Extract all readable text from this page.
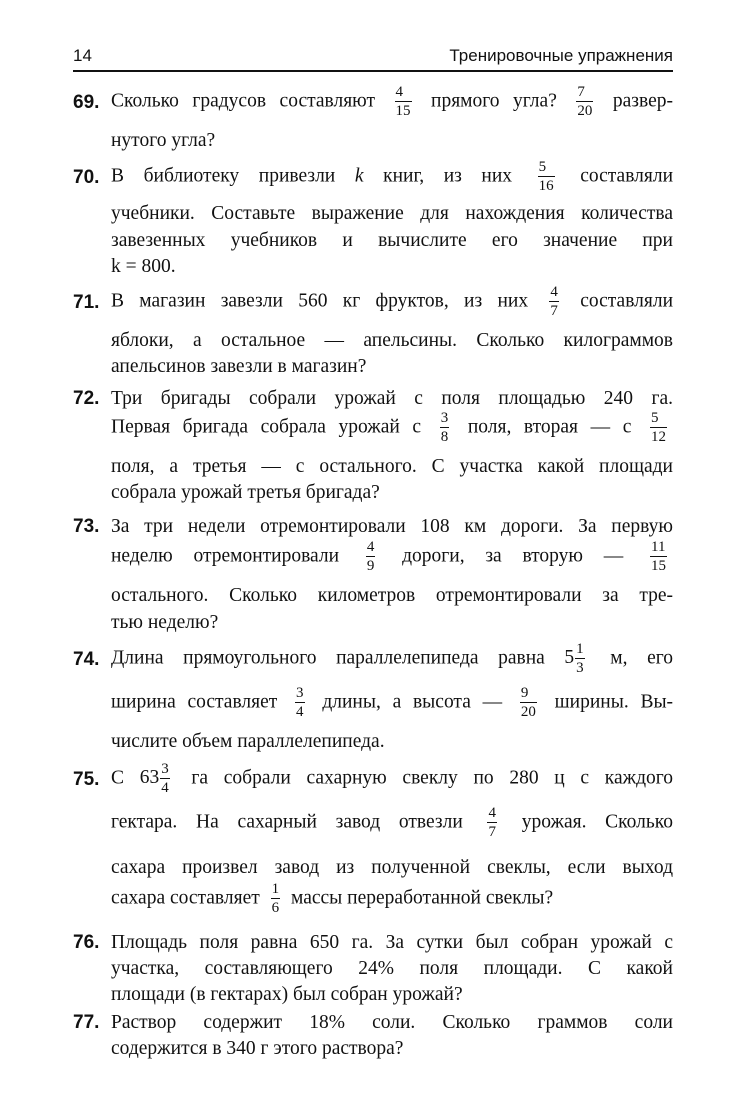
14	Тренировочные упражнения
69. Сколько градусов составляют $\frac{4}{15}$ прямого угла? $\frac{7}{20}$ развер-
нутого угла?
70. В библиотеку привезли k книг, из них $\frac{5}{16}$ составляли
учебники. Составьте выражение для нахождения количества
завезенных учебников и вычислите его значение при
k = 800.
71. В магазин завезли 560 кг фруктов, из них $\frac{4}{7}$ составляли
яблоки, а остальное — апельсины. Сколько килограммов
апельсинов завезли в магазин?
72. Три бригады собрали урожай с поля площадью 240 га.
Первая бригада собрала урожай с $\frac{3}{8}$ поля, вторая — с $\frac{5}{12}$
поля, а третья — с остального. С участка какой площади
собрала урожай третья бригада?
73. За три недели отремонтировали 108 км дороги. За первую
неделю отремонтировали $\frac{4}{9}$ дороги, за вторую — $\frac{11}{15}$
остального. Сколько километров отремонтировали за тре-
тью неделю?
74. Длина прямоугольного параллелепипеда равна $5 \frac{1}{3} м$, его
ширина составляет $\frac{3}{4}$ длины, а высота — $\frac{9}{20}$ ширины. Вы-
числите объем параллелепипеда.
75. С $63 \frac{3}{4}$ га собрали сахарную свеклу по 280 ц с каждого
гектара. На сахарный завод отвезли $\frac{4}{7}$ урожая. Сколько
сахара произвел завод из полученной свеклы, если выход
сахара составляет $\frac{1}{6}$ массы переработанной свеклы?
76. Площадь поля равна 650 га. За сутки был собран урожай с
участка, составляющего 24% поля площади. С какой
площади (в гектарах) был собран урожай?
77. Раствор содержит 18% соли. Сколько граммов соли
содержится в 340 г этого раствора?
